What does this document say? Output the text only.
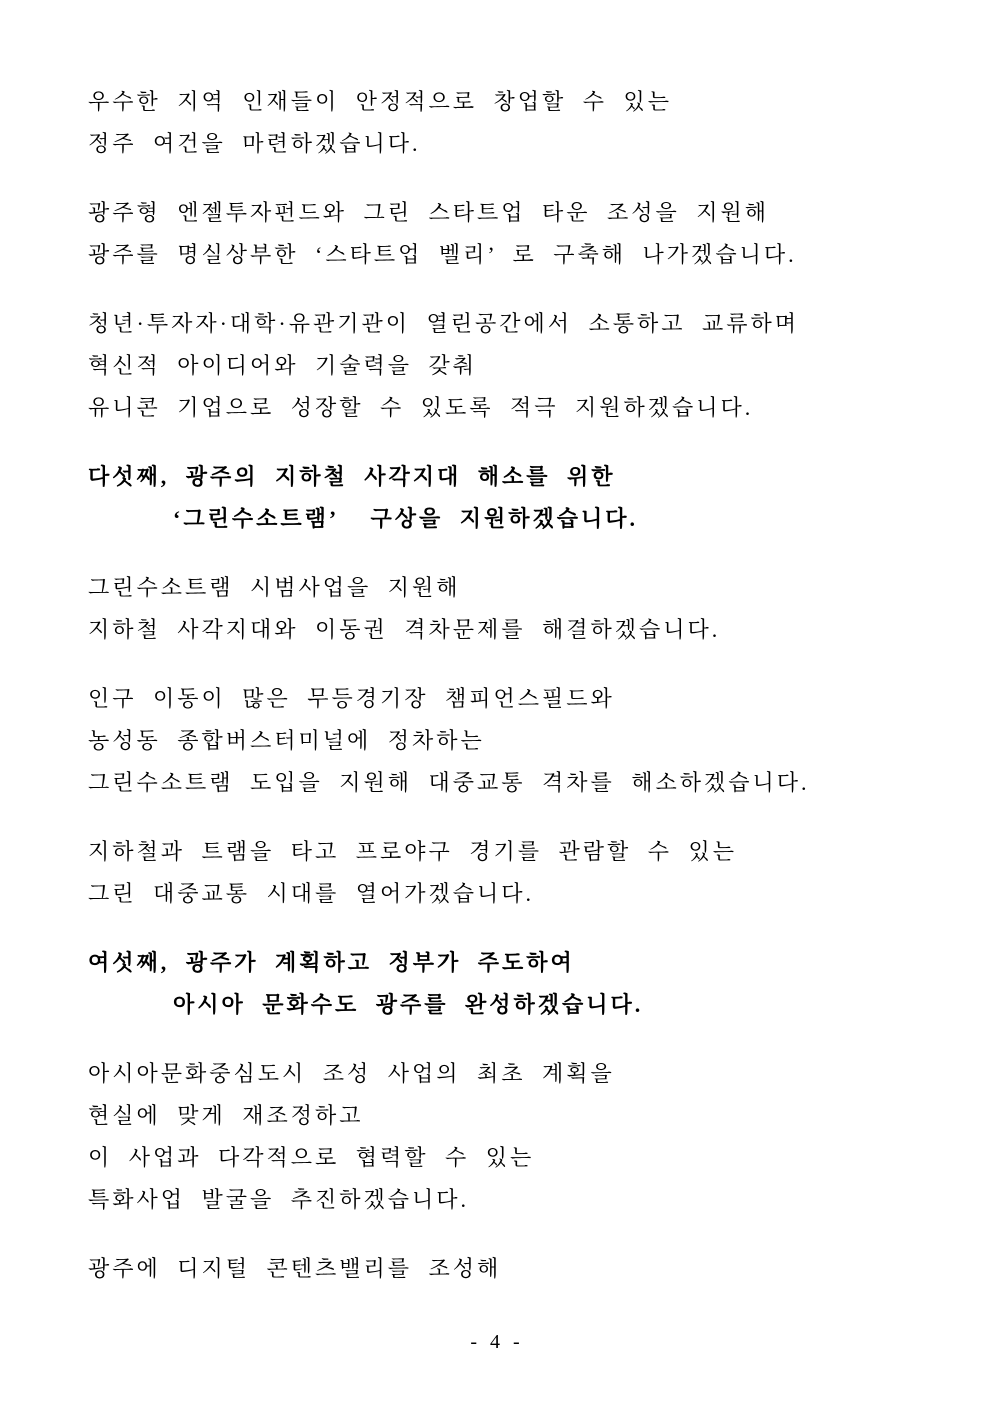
우수한 지역 인재들이 안정적으로 창업할 수 있는
정주 여건을 마련하겠습니다.
광주형 엔젤투자펀드와 그린 스타트업 타운 조성을 지원해
광주를 명실상부한 ‘스타트업 벨리’ 로 구축해 나가겠습니다.
청년·투자자·대학·유관기관이 열린공간에서 소통하고 교류하며
혁신적 아이디어와 기술력을 갖춰
유니콘 기업으로 성장할 수 있도록 적극 지원하겠습니다.
다섯째, 광주의 지하철 사각지대 해소를 위한
‘그린수소트램’  구상을 지원하겠습니다.
그린수소트램 시범사업을 지원해
지하철 사각지대와 이동권 격차문제를 해결하겠습니다.
인구 이동이 많은 무등경기장 챔피언스필드와
농성동 종합버스터미널에 정차하는
그린수소트램 도입을 지원해 대중교통 격차를 해소하겠습니다.
지하철과 트램을 타고 프로야구 경기를 관람할 수 있는
그린 대중교통 시대를 열어가겠습니다.
여섯째, 광주가 계획하고 정부가 주도하여
아시아 문화수도 광주를 완성하겠습니다.
아시아문화중심도시 조성 사업의 최초 계획을
현실에 맞게 재조정하고
이 사업과 다각적으로 협력할 수 있는
특화사업 발굴을 추진하겠습니다.
광주에 디지털 콘텐츠밸리를 조성해
- 4 -
